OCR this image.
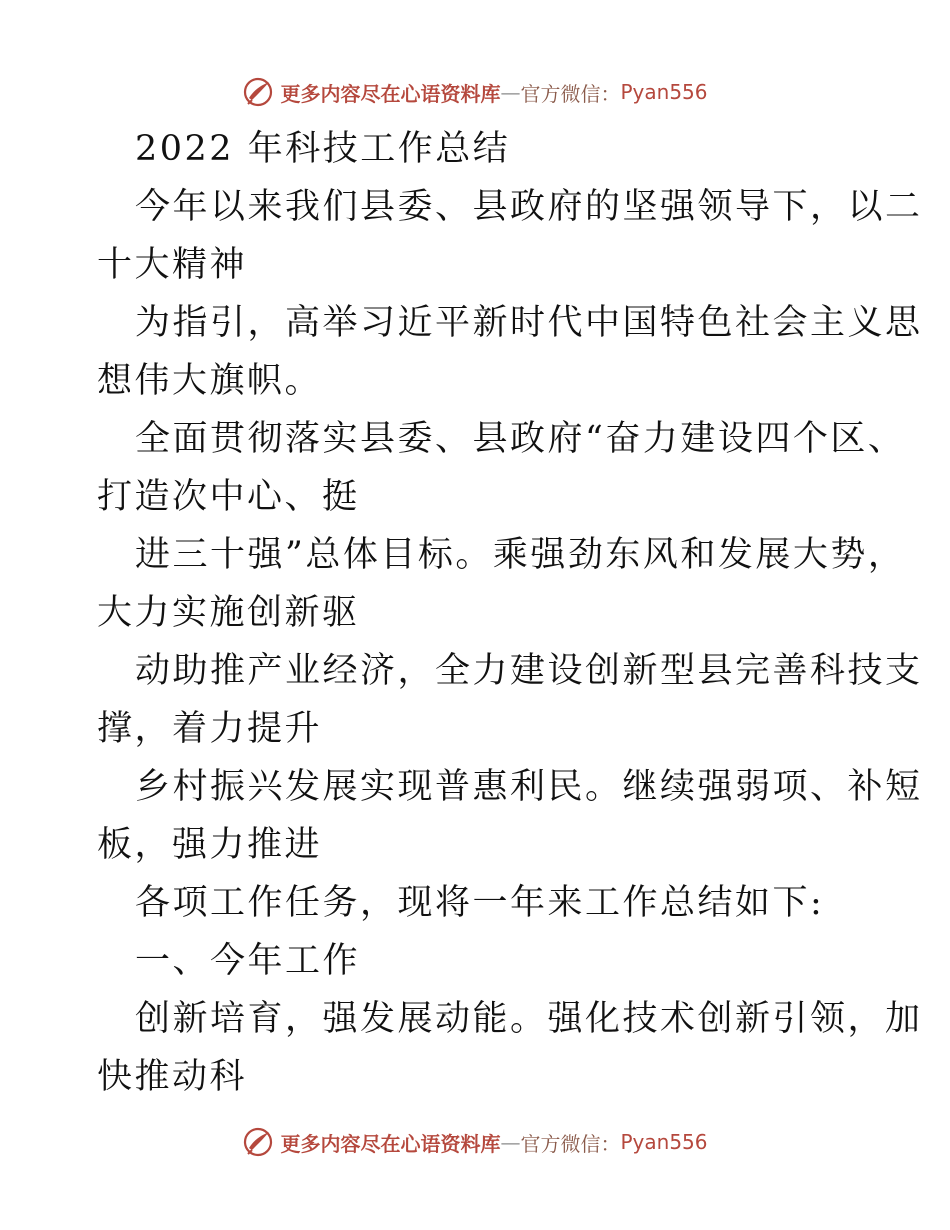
更多内容尽在心语资料库 — 官方微信： Pyan556
2022 年科技工作总结
今年以来我们县委、县政府的坚强领导下，以二
十大精神
为指引，高举习近平新时代中国特色社会主义思
想伟大旗帜。
全面贯彻落实县委、县政府“奋力建设四个区、
打造次中心、挺
进三十强”总体目标。乘强劲东风和发展大势，
大力实施创新驱
动助推产业经济，全力建设创新型县完善科技支
撑，着力提升
乡村振兴发展实现普惠利民。继续强弱项、补短
板，强力推进
各项工作任务，现将一年来工作总结如下:
一、今年工作
创新培育，强发展动能。强化技术创新引领，加
快推动科
更多内容尽在心语资料库 — 官方微信： Pyan556
